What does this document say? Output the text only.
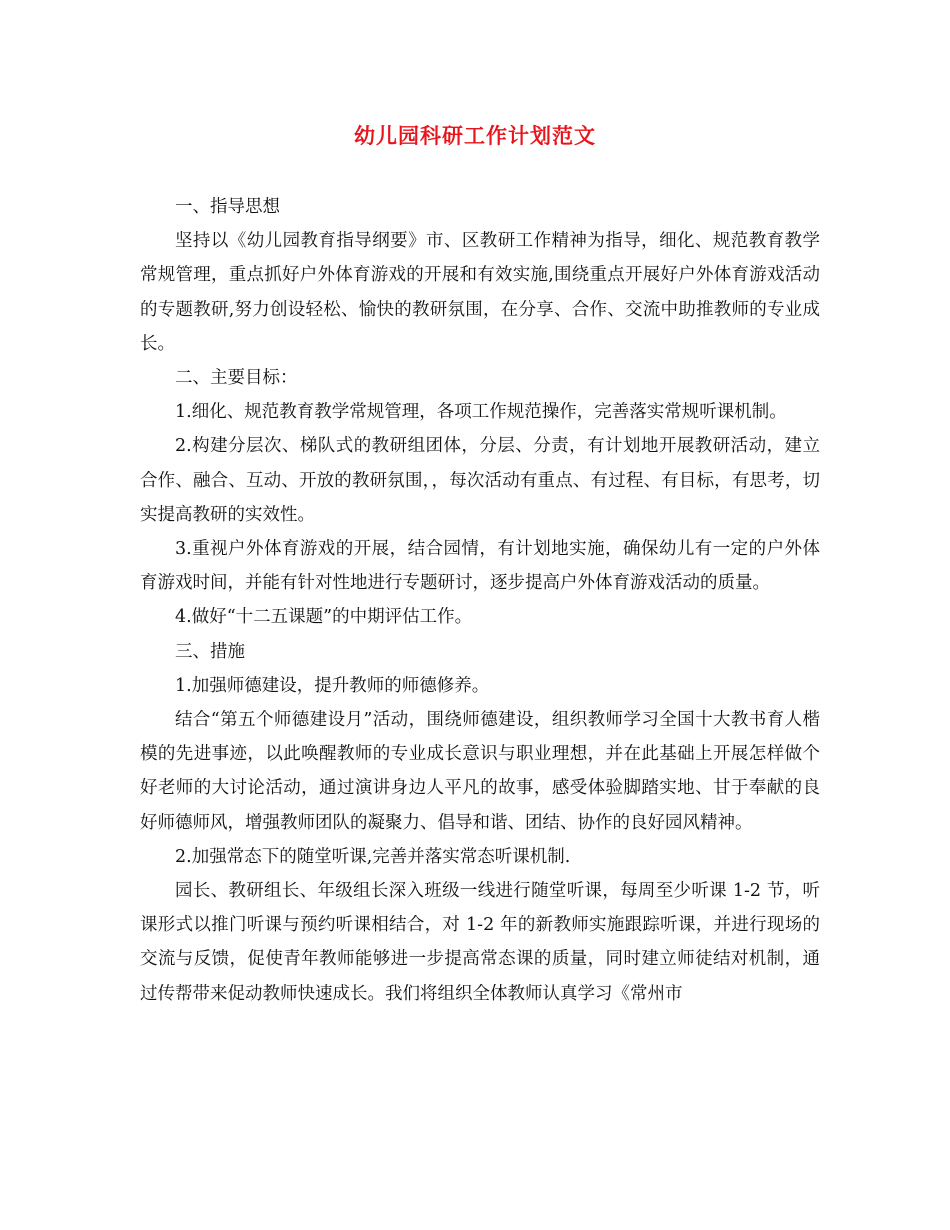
幼儿园科研工作计划范文

一、指导思想

坚持以《幼儿园教育指导纲要》市、区教研工作精神为指导，细化、规范教育教学常规管理，重点抓好户外体育游戏的开展和有效实施,围绕重点开展好户外体育游戏活动的专题教研,努力创设轻松、愉快的教研氛围，在分享、合作、交流中助推教师的专业成长。

二、主要目标：

1.细化、规范教育教学常规管理，各项工作规范操作，完善落实常规听课机制。

2.构建分层次、梯队式的教研组团体，分层、分责，有计划地开展教研活动，建立合作、融合、互动、开放的教研氛围，，每次活动有重点、有过程、有目标，有思考，切实提高教研的实效性。

3.重视户外体育游戏的开展，结合园情，有计划地实施，确保幼儿有一定的户外体育游戏时间，并能有针对性地进行专题研讨，逐步提高户外体育游戏活动的质量。

4.做好“十二五课题”的中期评估工作。

三、措施

1.加强师德建设，提升教师的师德修养。

结合“第五个师德建设月”活动，围绕师德建设，组织教师学习全国十大教书育人楷模的先进事迹，以此唤醒教师的专业成长意识与职业理想，并在此基础上开展怎样做个好老师的大讨论活动，通过演讲身边人平凡的故事，感受体验脚踏实地、甘于奉献的良好师德师风，增强教师团队的凝聚力、倡导和谐、团结、协作的良好园风精神。

2.加强常态下的随堂听课,完善并落实常态听课机制.

园长、教研组长、年级组长深入班级一线进行随堂听课，每周至少听课 1-2 节，听课形式以推门听课与预约听课相结合，对 1-2 年的新教师实施跟踪听课，并进行现场的交流与反馈，促使青年教师能够进一步提高常态课的质量，同时建立师徒结对机制，通过传帮带来促动教师快速成长。我们将组织全体教师认真学习《常州市
